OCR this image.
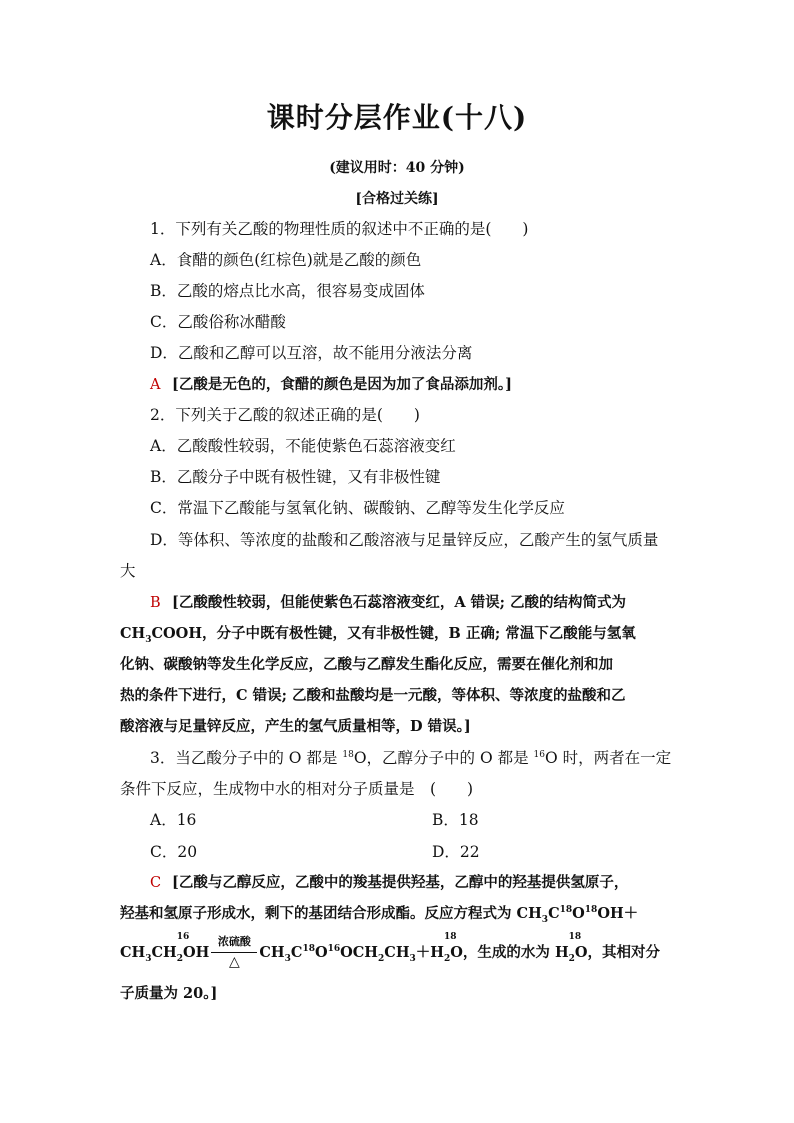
课时分层作业(十八)
(建议用时：40 分钟)
[合格过关练]
1．下列有关乙酸的物理性质的叙述中不正确的是(　　)
A．食醋的颜色(红棕色)就是乙酸的颜色
B．乙酸的熔点比水高，很容易变成固体
C．乙酸俗称冰醋酸
D．乙酸和乙醇可以互溶，故不能用分液法分离
A [乙酸是无色的，食醋的颜色是因为加了食品添加剂。]
2．下列关于乙酸的叙述正确的是(　　)
A．乙酸酸性较弱，不能使紫色石蕊溶液变红
B．乙酸分子中既有极性键，又有非极性键
C．常温下乙酸能与氢氧化钠、碳酸钠、乙醇等发生化学反应
D．等体积、等浓度的盐酸和乙酸溶液与足量锌反应，乙酸产生的氢气质量
大
B [乙酸酸性较弱，但能使紫色石蕊溶液变红，A 错误; 乙酸的结构简式为
$CH_3COOH$，分子中既有极性键，又有非极性键，B 正确; 常温下乙酸能与氢氧
化钠、碳酸钠等发生化学反应，乙酸与乙醇发生酯化反应，需要在催化剂和加
热的条件下进行，C 错误; 乙酸和盐酸均是一元酸，等体积、等浓度的盐酸和乙
酸溶液与足量锌反应，产生的氢气质量相等，D 错误。]
3．当乙酸分子中的 O 都是 $^{18}$O，乙醇分子中的 O 都是 $^{16}$O 时，两者在一定
条件下反应，生成物中水的相对分子质量是　(　　)
A．16	B．18
C．20	D．22
C [乙酸与乙醇反应，乙酸中的羧基提供羟基，乙醇中的羟基提供氢原子，
羟基和氢原子形成水，剩下的基团结合形成酯。反应方程式为 $CH_3C^{18}O^{18}OH+$
$CH_3CH$
16
$_2$OH
浓硫酸
△
$CH_3C^{18}O^{16}OCH_2CH_3+H$
18
$_2$O，生成的水为 H
18
$_2$O，其相对分
子质量为 20。]
